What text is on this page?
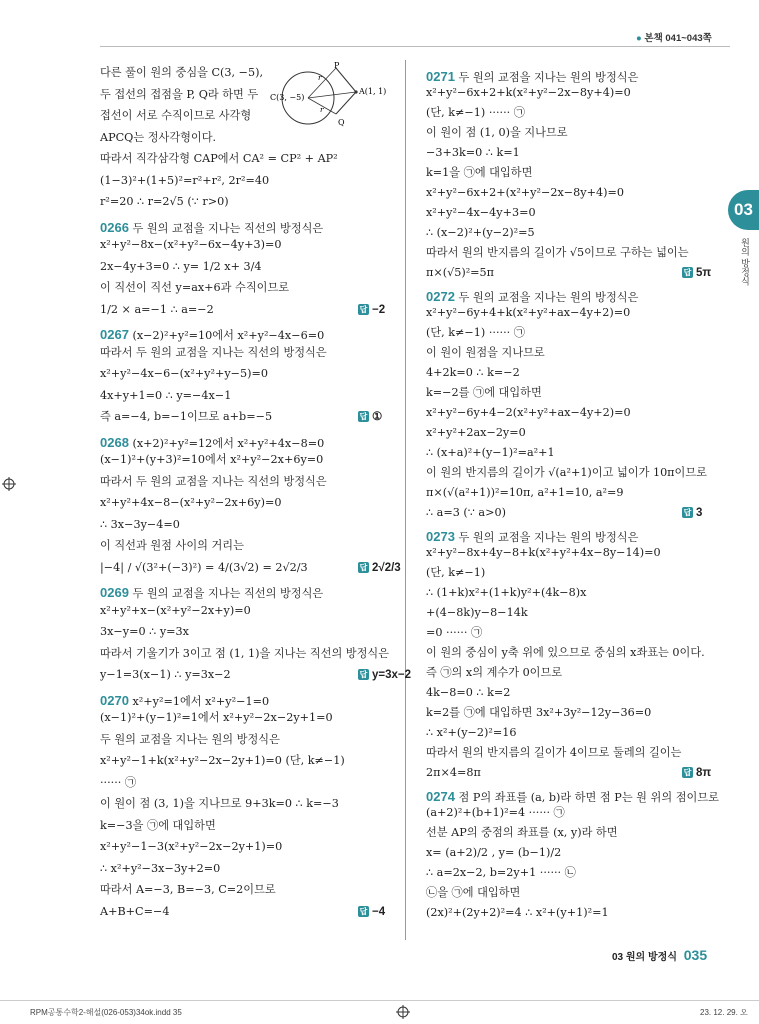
● 본책 041~043쪽
03
원의 방정식
P
Q
A(1, 1)
C(3, −5)
r
r
다른 풀이 원의 중심을 C(3, −5),
두 접선의 접점을 P, Q라 하면 두
접선이 서로 수직이므로 사각형
APCQ는 정사각형이다.
따라서 직각삼각형 CAP에서 CA² = CP² + AP²
(1−3)²+(1+5)²=r²+r², 2r²=40
r²=20 ∴ r=2√5 (∵ r>0)
0266 두 원의 교점을 지나는 직선의 방정식은
x²+y²−8x−(x²+y²−6x−4y+3)=0
2x−4y+3=0 ∴ y= 1/2 x+ 3/4
이 직선이 직선 y=ax+6과 수직이므로
1/2 × a=−1 ∴ a=−2	답 −2
0267 (x−2)²+y²=10에서 x²+y²−4x−6=0
따라서 두 원의 교점을 지나는 직선의 방정식은
x²+y²−4x−6−(x²+y²+y−5)=0
4x+y+1=0 ∴ y=−4x−1
즉 a=−4, b=−1이므로 a+b=−5	답 ①
0268 (x+2)²+y²=12에서 x²+y²+4x−8=0
(x−1)²+(y+3)²=10에서 x²+y²−2x+6y=0
따라서 두 원의 교점을 지나는 직선의 방정식은
x²+y²+4x−8−(x²+y²−2x+6y)=0
∴ 3x−3y−4=0
이 직선과 원점 사이의 거리는
|−4| / √(3²+(−3)²) = 4/(3√2) = 2√2/3	답 2√2/3
0269 두 원의 교점을 지나는 직선의 방정식은
x²+y²+x−(x²+y²−2x+y)=0
3x−y=0 ∴ y=3x
따라서 기울기가 3이고 점 (1, 1)을 지나는 직선의 방정식은
y−1=3(x−1) ∴ y=3x−2	답 y=3x−2
0270 x²+y²=1에서 x²+y²−1=0
(x−1)²+(y−1)²=1에서 x²+y²−2x−2y+1=0
두 원의 교점을 지나는 원의 방정식은
x²+y²−1+k(x²+y²−2x−2y+1)=0 (단, k≠−1)
······ ㉠
이 원이 점 (3, 1)을 지나므로 9+3k=0 ∴ k=−3
k=−3을 ㉠에 대입하면
x²+y²−1−3(x²+y²−2x−2y+1)=0
∴ x²+y²−3x−3y+2=0
따라서 A=−3, B=−3, C=2이므로
A+B+C=−4	답 −4
0271 두 원의 교점을 지나는 원의 방정식은
x²+y²−6x+2+k(x²+y²−2x−8y+4)=0
(단, k≠−1) ······ ㉠
이 원이 점 (1, 0)을 지나므로
−3+3k=0 ∴ k=1
k=1을 ㉠에 대입하면
x²+y²−6x+2+(x²+y²−2x−8y+4)=0
x²+y²−4x−4y+3=0
∴ (x−2)²+(y−2)²=5
따라서 원의 반지름의 길이가 √5이므로 구하는 넓이는
π×(√5)²=5π	답 5π
0272 두 원의 교점을 지나는 원의 방정식은
x²+y²−6y+4+k(x²+y²+ax−4y+2)=0
(단, k≠−1) ······ ㉠
이 원이 원점을 지나므로
4+2k=0 ∴ k=−2
k=−2를 ㉠에 대입하면
x²+y²−6y+4−2(x²+y²+ax−4y+2)=0
x²+y²+2ax−2y=0
∴ (x+a)²+(y−1)²=a²+1
이 원의 반지름의 길이가 √(a²+1)이고 넓이가 10π이므로
π×(√(a²+1))²=10π, a²+1=10, a²=9
∴ a=3 (∵ a>0)	답 3
0273 두 원의 교점을 지나는 원의 방정식은
x²+y²−8x+4y−8+k(x²+y²+4x−8y−14)=0
(단, k≠−1)
∴ (1+k)x²+(1+k)y²+(4k−8)x
+(4−8k)y−8−14k
=0 ······ ㉠
이 원의 중심이 y축 위에 있으므로 중심의 x좌표는 0이다.
즉 ㉠의 x의 계수가 0이므로
4k−8=0 ∴ k=2
k=2를 ㉠에 대입하면 3x²+3y²−12y−36=0
∴ x²+(y−2)²=16
따라서 원의 반지름의 길이가 4이므로 둘레의 길이는
2π×4=8π	답 8π
0274 점 P의 좌표를 (a, b)라 하면 점 P는 원 위의 점이므로
(a+2)²+(b+1)²=4 ······ ㉠
선분 AP의 중점의 좌표를 (x, y)라 하면
x= (a+2)/2 , y= (b−1)/2
∴ a=2x−2, b=2y+1 ······ ㉡
㉡을 ㉠에 대입하면
(2x)²+(2y+2)²=4 ∴ x²+(y+1)²=1
03 원의 방정식 035
RPM공통수학2-해설(026-053)34ok.indd 35	23. 12. 29. 오
